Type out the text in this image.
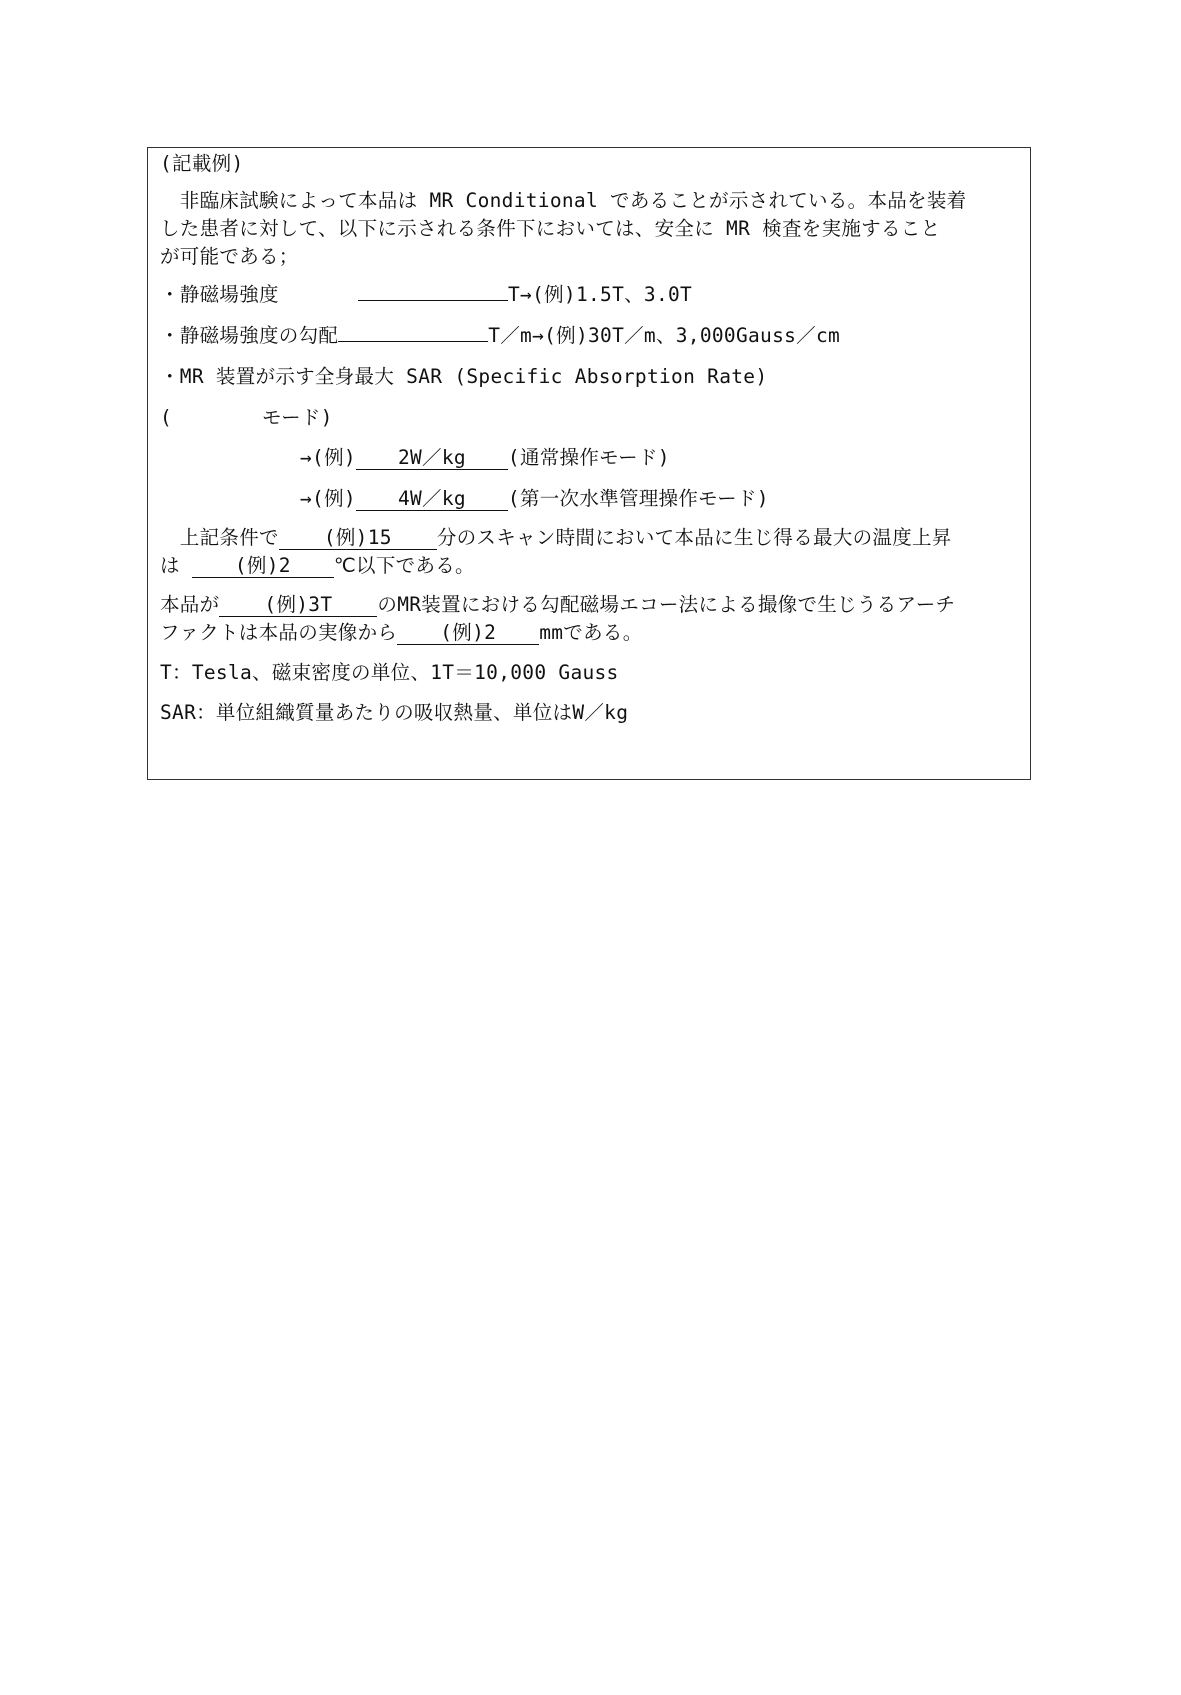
(記載例)
　非臨床試験によって本品は MR Conditional であることが示されている。本品を装着
した患者に対して、以下に示される条件下においては、安全に MR 検査を実施すること
が可能である；
・静磁場強度　　　　	T→(例)1.5T、3.0T
・静磁場強度の勾配	T／m→(例)30T／m、3,000Gauss／cm
・MR 装置が示す全身最大 SAR (Specific Absorption Rate)
(	モード)
→(例) 2W／kg (通常操作モード)
→(例) 4W／kg (第一次水準管理操作モード)
　上記条件で (例)15 分のスキャン時間において本品に生じ得る最大の温度上昇
は (例)2 ℃以下である。
本品が (例)3T のMR装置における勾配磁場エコー法による撮像で生じうるアーチ
ファクトは本品の実像から (例)2 mmである。
T：Tesla、磁束密度の単位、1T＝10,000 Gauss
SAR：単位組織質量あたりの吸収熱量、単位はW／kg
